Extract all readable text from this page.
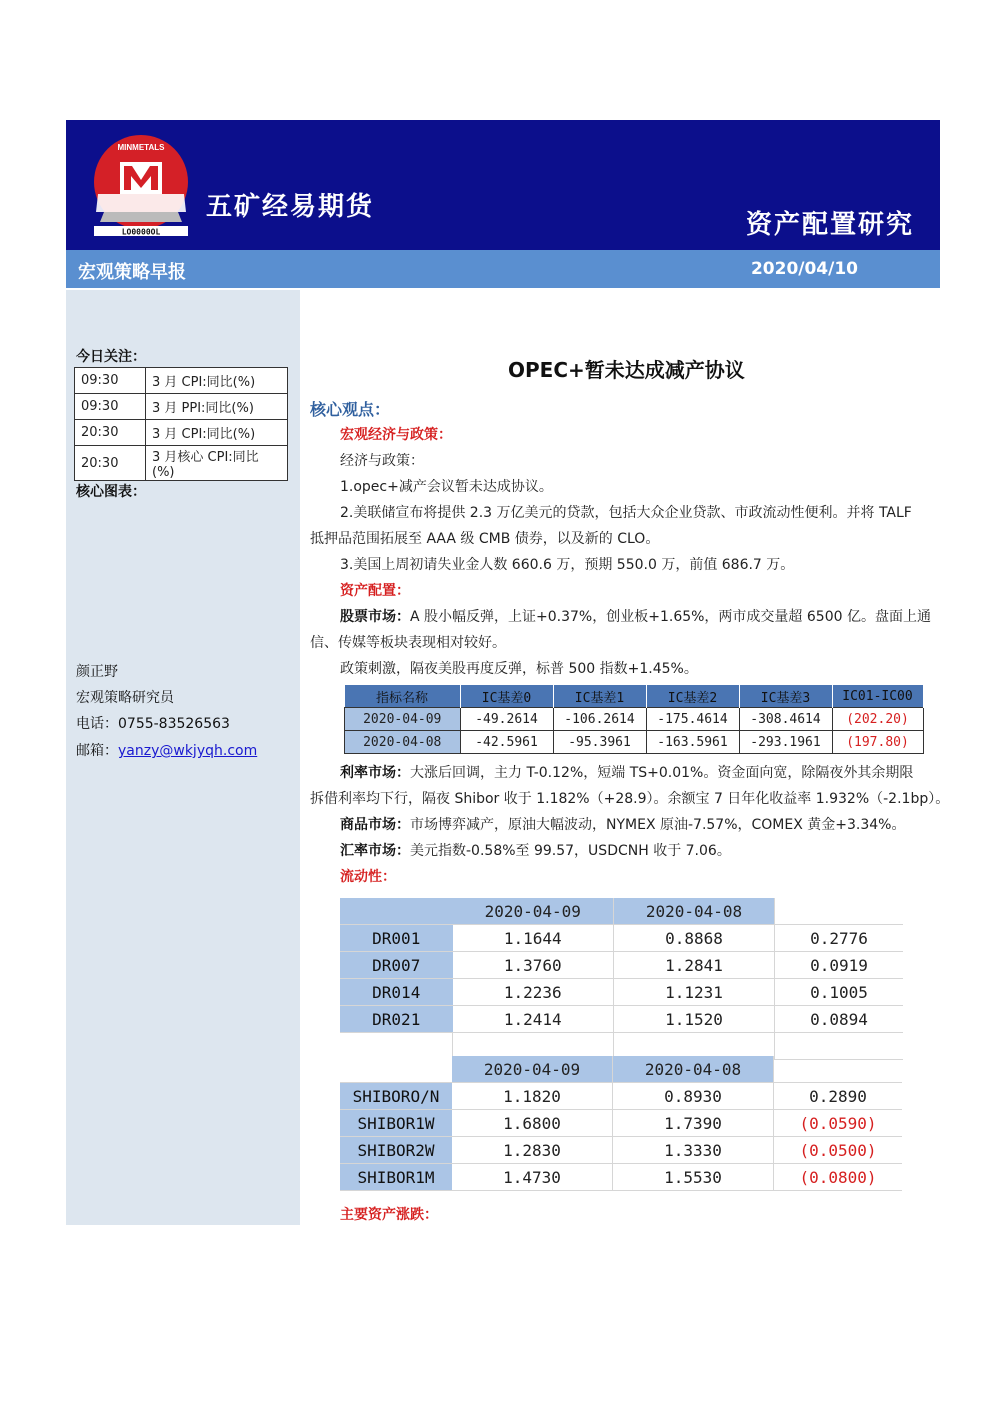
MINMETALS
LO0000OL
五矿经易期货
资产配置研究
宏观策略早报	2020/04/10
今日关注：
09:30	3 月 CPI:同比(%)
09:30	3 月 PPI:同比(%)
20:30	3 月 CPI:同比(%)
20:30	3 月核心 CPI:同比(%)
核心图表：
颜正野
宏观策略研究员
电话：0755-83526563
邮箱：yanzy@wkjyqh.com
OPEC+暂未达成减产协议
核心观点：
宏观经济与政策：
经济与政策：
1.opec+减产会议暂未达成协议。
2.美联储宣布将提供 2.3 万亿美元的贷款，包括大众企业贷款、市政流动性便利。并将 TALF
抵押品范围拓展至 AAA 级 CMB 债券，以及新的 CLO。
3.美国上周初请失业金人数 660.6 万，预期 550.0 万，前值 686.7 万。
资产配置：
股票市场：A 股小幅反弹，上证+0.37%，创业板+1.65%，两市成交量超 6500 亿。盘面上通
信、传媒等板块表现相对较好。
政策刺激，隔夜美股再度反弹，标普 500 指数+1.45%。
指标名称	IC基差0	IC基差1	IC基差2	IC基差3	IC01-IC00
2020-04-09	-49.2614	-106.2614	-175.4614	-308.4614	(202.20)
2020-04-08	-42.5961	-95.3961	-163.5961	-293.1961	(197.80)
利率市场：大涨后回调，主力 T-0.12%，短端 TS+0.01%。资金面向宽，除隔夜外其余期限
拆借利率均下行，隔夜 Shibor 收于 1.182%（+28.9）。余额宝 7 日年化收益率 1.932%（-2.1bp）。
商品市场：市场博弈减产，原油大幅波动，NYMEX 原油-7.57%，COMEX 黄金+3.34%。
汇率市场：美元指数-0.58%至 99.57，USDCNH 收于 7.06。
流动性：
	2020-04-09	2020-04-08	
DR001	1.1644	0.8868	0.2776
DR007	1.3760	1.2841	0.0919
DR014	1.2236	1.1231	0.1005
DR021	1.2414	1.1520	0.0894

	2020-04-09	2020-04-08	
SHIBORO/N	1.1820	0.8930	0.2890
SHIBOR1W	1.6800	1.7390	(0.0590)
SHIBOR2W	1.2830	1.3330	(0.0500)
SHIBOR1M	1.4730	1.5530	(0.0800)
主要资产涨跌：
